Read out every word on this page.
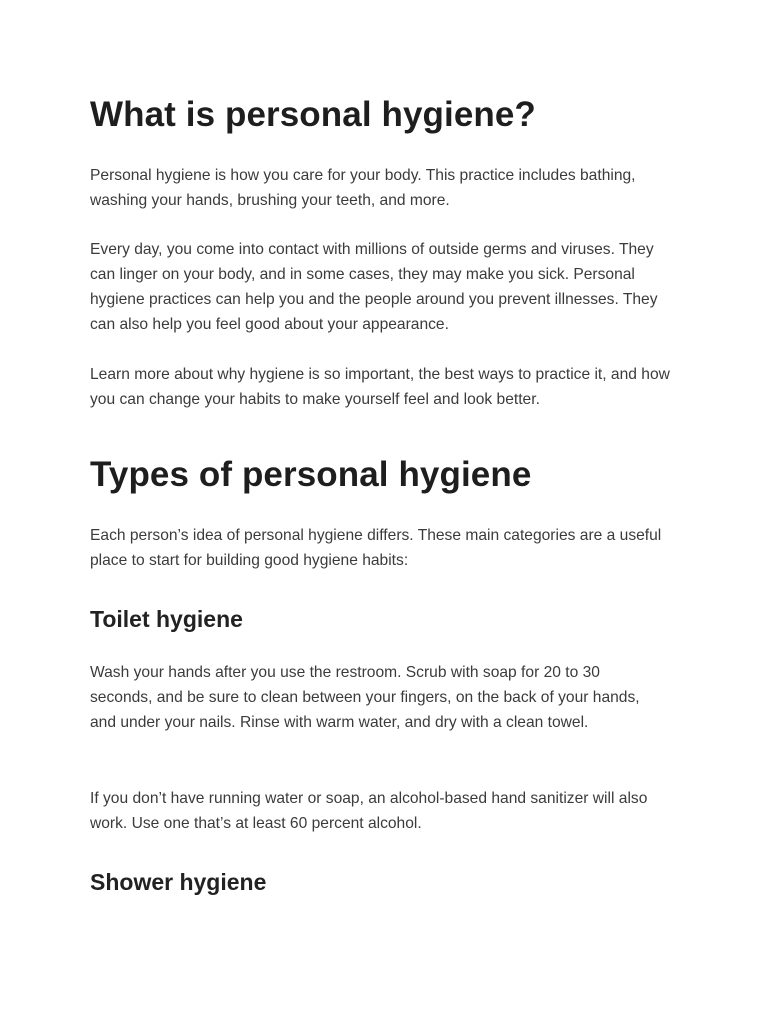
What is personal hygiene?

Personal hygiene is how you care for your body. This practice includes bathing, washing your hands, brushing your teeth, and more.

Every day, you come into contact with millions of outside germs and viruses. They can linger on your body, and in some cases, they may make you sick. Personal hygiene practices can help you and the people around you prevent illnesses. They can also help you feel good about your appearance.

Learn more about why hygiene is so important, the best ways to practice it, and how you can change your habits to make yourself feel and look better.

Types of personal hygiene

Each person’s idea of personal hygiene differs. These main categories are a useful place to start for building good hygiene habits:

Toilet hygiene

Wash your hands after you use the restroom. Scrub with soap for 20 to 30 seconds, and be sure to clean between your fingers, on the back of your hands, and under your nails. Rinse with warm water, and dry with a clean towel.

If you don’t have running water or soap, an alcohol-based hand sanitizer will also work. Use one that’s at least 60 percent alcohol.

Shower hygiene
